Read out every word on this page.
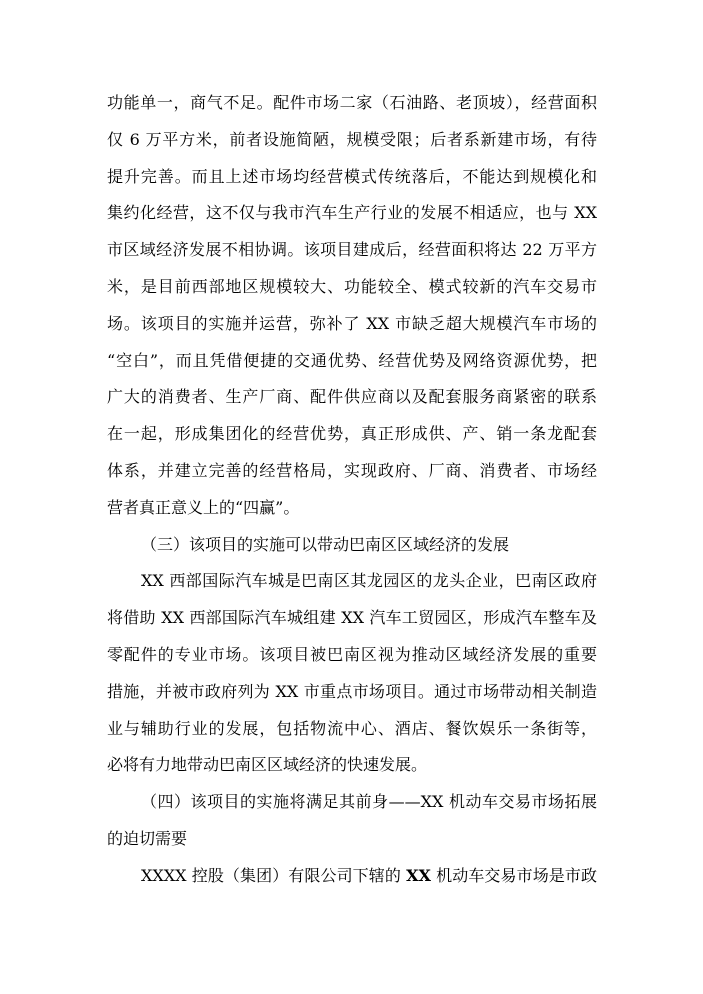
功能单一，商气不足。配件市场二家（石油路、老顶坡），经营面积
仅 6 万平方米，前者设施简陋，规模受限；后者系新建市场，有待
提升完善。而且上述市场均经营模式传统落后，不能达到规模化和
集约化经营，这不仅与我市汽车生产行业的发展不相适应，也与 XX
市区域经济发展不相协调。该项目建成后，经营面积将达 22 万平方
米，是目前西部地区规模较大、功能较全、模式较新的汽车交易市
场。该项目的实施并运营，弥补了 XX 市缺乏超大规模汽车市场的
“空白”，而且凭借便捷的交通优势、经营优势及网络资源优势，把
广大的消费者、生产厂商、配件供应商以及配套服务商紧密的联系
在一起，形成集团化的经营优势，真正形成供、产、销一条龙配套
体系，并建立完善的经营格局，实现政府、厂商、消费者、市场经
营者真正意义上的“四赢”。
（三）该项目的实施可以带动巴南区区域经济的发展
XX 西部国际汽车城是巴南区其龙园区的龙头企业，巴南区政府
将借助 XX 西部国际汽车城组建 XX 汽车工贸园区，形成汽车整车及
零配件的专业市场。该项目被巴南区视为推动区域经济发展的重要
措施，并被市政府列为 XX 市重点市场项目。通过市场带动相关制造
业与辅助行业的发展，包括物流中心、酒店、餐饮娱乐一条街等，
必将有力地带动巴南区区域经济的快速发展。
（四）该项目的实施将满足其前身——XX 机动车交易市场拓展
的迫切需要
XXXX 控股（集团）有限公司下辖的 XX 机动车交易市场是市政
